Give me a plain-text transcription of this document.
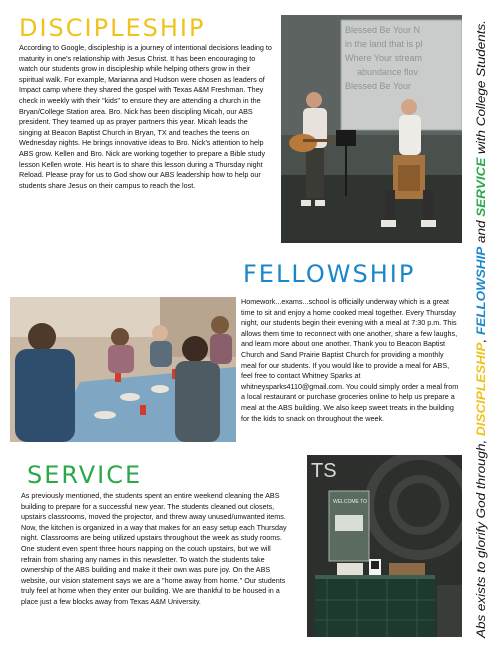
DISCIPLESHIP

According to Google, discipleship is a journey of intentional decisions leading to maturity in one's relationship with Jesus Christ. It has been encouraging to watch our students grow in discipleship while helping others grow in their spiritual walk. For example, Marianna and Hudson were chosen as leaders of Impact camp where they shared the gospel with Texas A&M Freshman. They check in weekly with their "kids" to ensure they are attending a church in the Bryan/College Station area. Bro. Nick has been discipling Micah, our ABS president. They teamed up as prayer partners this year. Micah leads the singing at Beacon Baptist Church in Bryan, TX and teaches the teens on Wednesday nights. He brings innovative ideas to Bro. Nick's attention to help ABS grow. Kellen and Bro. Nick are working together to prepare a Bible study lesson Kellen wrote. His heart is to share this lesson during a Thursday night Reload. Please pray for us to God show our ABS leadership how to help our students share Jesus on their campus to reach the lost.

Blessed Be Your N
in the land that is pl
Where Your stream
abundance flov
Blessed Be Your
FELLOWSHIP

Homework...exams...school is officially underway which is a great time to sit and enjoy a home cooked meal together. Every Thursday night, our students begin their evening with a meal at 7:30 p.m. This allows them time to reconnect with one another, share a few laughs, and learn more about one another. Thank you to Beacon Baptist Church and Sand Prairie Baptist Church for providing a monthly meal for our students. If you would like to provide a meal for ABS, feel free to contact Whitney Sparks at whitneysparks4110@gmail.com. You could simply order a meal from a local restaurant or purchase groceries online to help us prepare a meal at the ABS building. We also keep sweet treats in the building for the kids to snack on throughout the week.

SERVICE

As previously mentioned, the students spent an entire weekend cleaning the ABS building to prepare for a successful new year. The students cleaned out closets, upstairs classrooms, moved the projector, and threw away unused/unwanted items. Now, the kitchen is organized in a way that makes for an easy setup each Thursday night. Classrooms are being utilized upstairs throughout the week as study rooms. One student even spent three hours napping on the couch upstairs, but we will refrain from sharing any names in this newsletter. To watch the students take ownership of the ABS building and make it their own was pure joy. On the ABS website, our vision statement says we are a "home away from home." Our students truly feel at home when they enter our building. We are thankful to be housed in a place just a few blocks away from Texas A&M University.

TS
WELCOME TO	Abs exists to glorify God through, DISCIPLESHIP, FELLOWSHIP and SERVICE with College Students.
